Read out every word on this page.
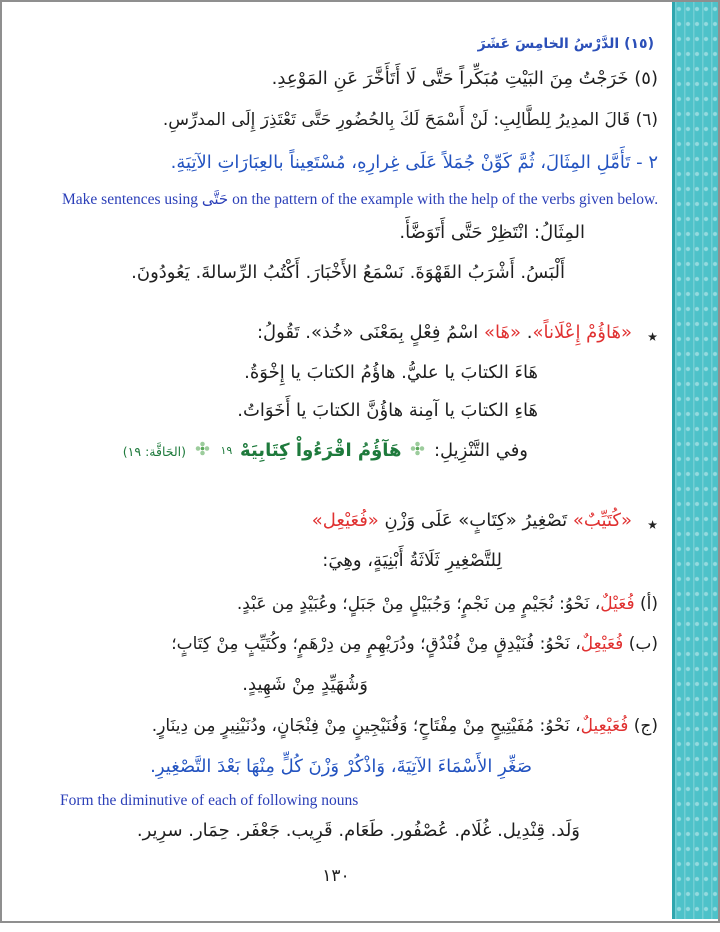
(١٥) الدَّرْسُ الخامِسَ عَشَرَ
(٥) خَرَجْتُ مِنَ البَيْتِ مُبَكِّراً حَتَّى لَا أَتَأَخَّرَ عَنِ المَوْعِدِ.
(٦) قَالَ المدِيرُ لِلطَّالِبِ: لَنْ أَسْمَحَ لَكَ بِالحُضُورِ حَتَّى تَعْتَذِرَ إِلَى المدرِّسِ.
٢ - تَأَمَّلِ المِثَالَ، ثُمَّ كَوِّنْ جُمَلاً عَلَى غِرارِهِ، مُسْتَعِيناً بالعِبَارَاتِ الآتِيَةِ.
Make sentences using حَتَّى on the pattern of the example with the help of the verbs given below.
المِثَالُ: انْتَظِرْ حَتَّى أَتَوَضَّأَ.
أَلْبَسُ. أَشْرَبُ القَهْوَةَ. نَسْمَعُ الأَخْبَارَ. أَكْتُبُ الرِّسالةَ. يَعُودُونَ.
٭
«هَاؤُمْ إِعْلَاناً». «هَا» اسْمُ فِعْلٍ بِمَعْنَى «خُذ». تَقُولُ:
هَاءَ الكتابَ يا عليُّ. هاؤُمُ الكتابَ يا إِخْوَةُ.
هَاءِ الكتابَ يا آمِنة هاؤُنَّ الكتابَ يا أَخَوَاتُ.
وفي التَّنْزِيلِ:  هَآؤُمُ اقْرَءُواْ كِتَابِيَهْ ١٩  (الحَاقَّة: ١٩)
٭
«كُتَيِّبٌ» تَصْغِيرُ «كِتَابٍ» عَلَى وَزْنِ «فُعَيْعِل»
لِلتَّصْغِيرِ ثَلَاثَةُ أَبْنِيَةٍ، وهِيَ:
(أ) فُعَيْلٌ، نَحْوُ: نُجَيْمٍ مِن نَجْمٍ؛ وَجُبَيْلٍ مِنْ جَبَلٍ؛ وعُبَيْدٍ مِن عَبْدٍ.
(ب) فُعَيْعِلٌ، نَحْوُ: فُنَيْدِقٍ مِنْ فُنْدُقٍ؛ ودُرَيْهِمٍ مِن دِرْهَمٍ؛ وكُتَيِّبٍ مِنْ كِتَابٍ؛
وَشُهَيِّدٍ مِنْ شَهِيدٍ.
(ج) فُعَيْعِيلٌ، نَحْوُ: مُفَيْتِيحٍ مِنْ مِفْتَاحٍ؛ وَفُنَيْجِينٍ مِنْ فِنْجَانٍ، ودُنَيْنِيرٍ مِن دِينَارٍ.
صَغِّرِ الأَسْمَاءَ الآتِيَةَ، وَاذْكُرْ وَزْنَ كُلٍّ مِنْهَا بَعْدَ التَّصْغِيرِ.
Form the diminutive of each of following nouns
وَلَد. قِنْدِيل. غُلَام. عُصْفُور. طَعَام. قَرِيب. جَعْفَر. حِمَار. سرِير.
١٣٠
